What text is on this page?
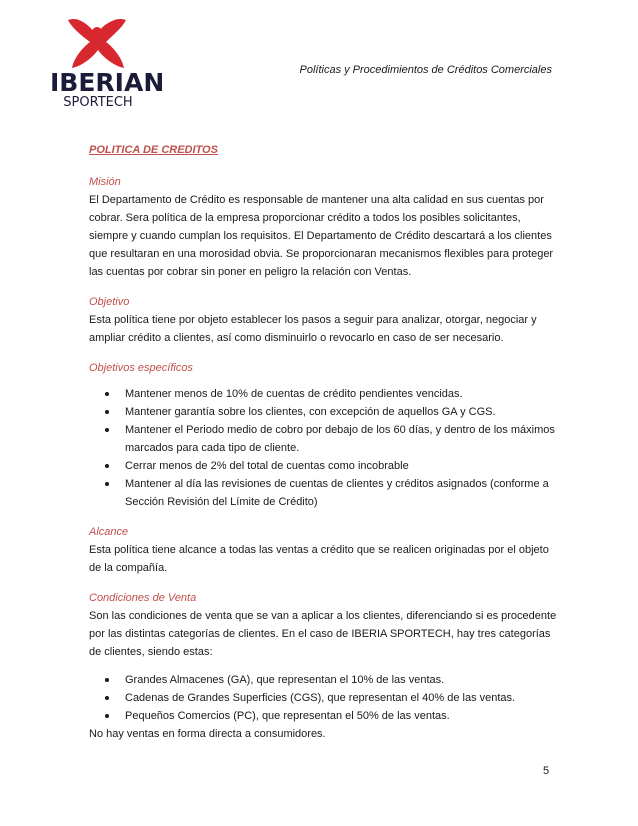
IBERIAN
SPORTECH
Políticas y Procedimientos de Créditos Comerciales

POLITICA DE CREDITOS

Misión

El Departamento de Crédito es responsable de mantener una alta calidad en sus cuentas por cobrar. Sera política de la empresa proporcionar crédito a todos los posibles solicitantes, siempre y cuando cumplan los requisitos. El Departamento de Crédito descartará a los clientes que resultaran en una morosidad obvia. Se proporcionaran mecanismos flexibles para proteger las cuentas por cobrar sin poner en peligro la relación con Ventas.

Objetivo

Esta política tiene por objeto establecer los pasos a seguir para analizar, otorgar, negociar y ampliar crédito a clientes, así como disminuirlo o revocarlo en caso de ser necesario.

Objetivos específicos

Mantener menos de 10% de cuentas de crédito pendientes vencidas.
Mantener garantía sobre los clientes, con excepción de aquellos GA y CGS.
Mantener el Periodo medio de cobro por debajo de los 60 días, y dentro de los máximos marcados para cada tipo de cliente.
Cerrar menos de 2% del total de cuentas como incobrable
Mantener al día las revisiones de cuentas de clientes y créditos asignados (conforme a Sección Revisión del Límite de Crédito)

Alcance

Esta política tiene alcance a todas las ventas a crédito que se realicen originadas por el objeto de la compañía.

Condiciones de Venta

Son las condiciones de venta que se van a aplicar a los clientes, diferenciando si es procedente por las distintas categorías de clientes. En el caso de IBERIA SPORTECH, hay tres categorías de clientes, siendo estas:

Grandes Almacenes (GA), que representan el 10% de las ventas.
Cadenas de Grandes Superficies (CGS), que representan el 40% de las ventas.
Pequeños Comercios (PC), que representan el 50% de las ventas.

No hay ventas en forma directa a consumidores.

5
